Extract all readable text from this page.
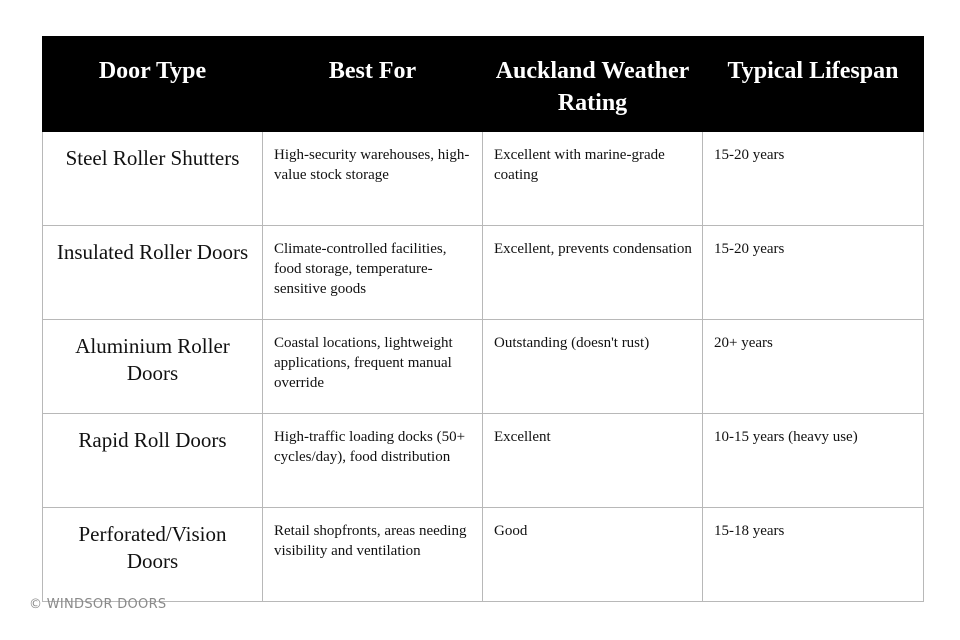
Door Type	Best For	Auckland Weather Rating	Typical Lifespan
Steel Roller Shutters	High-security warehouses, high-value stock storage	Excellent with marine-grade coating	15-20 years
Insulated Roller Doors	Climate-controlled facilities, food storage, temperature-sensitive goods	Excellent, prevents condensation	15-20 years
Aluminium Roller Doors	Coastal locations, lightweight applications, frequent manual override	Outstanding (doesn't rust)	20+ years
Rapid Roll Doors	High-traffic loading docks (50+ cycles/day), food distribution	Excellent	10-15 years (heavy use)
Perforated/Vision Doors	Retail shopfronts, areas needing visibility and ventilation	Good	15-18 years
© WINDSOR DOORS
